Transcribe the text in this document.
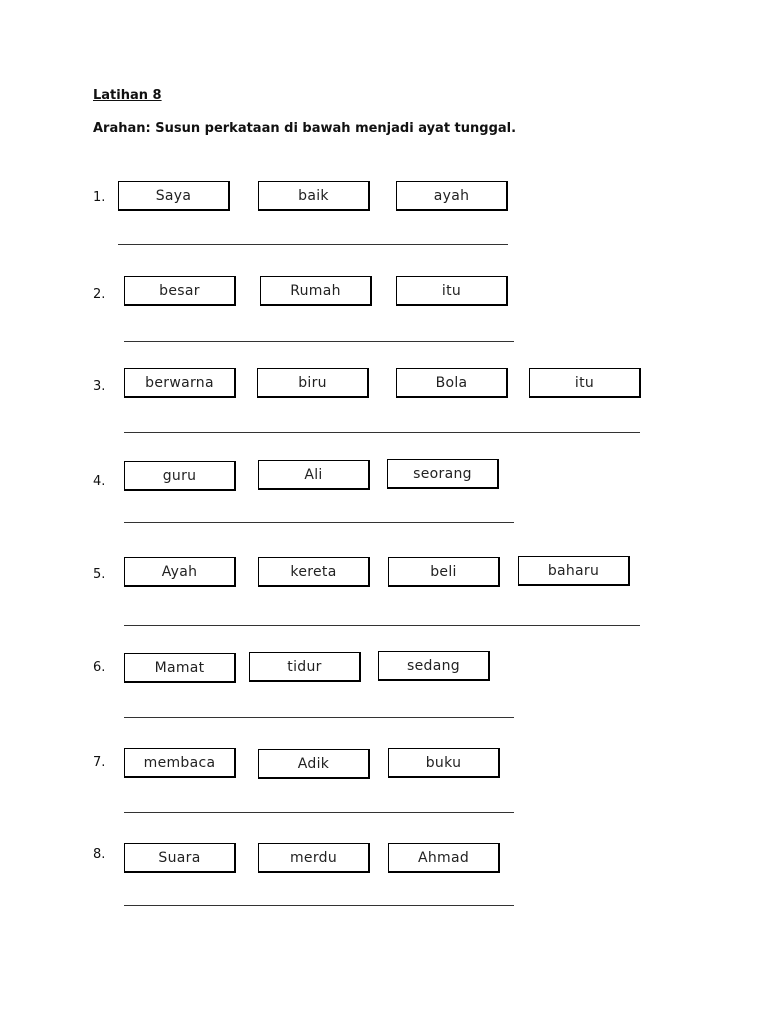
Latihan 8
Arahan: Susun perkataan di bawah menjadi ayat tunggal.
1.	Saya	baik	ayah
2.	besar	Rumah	itu
3.	berwarna	biru	Bola	itu
4.	guru	Ali	seorang
5.	Ayah	kereta	beli	baharu
6.	Mamat	tidur	sedang
7.	membaca	Adik	buku
8.	Suara	merdu	Ahmad
